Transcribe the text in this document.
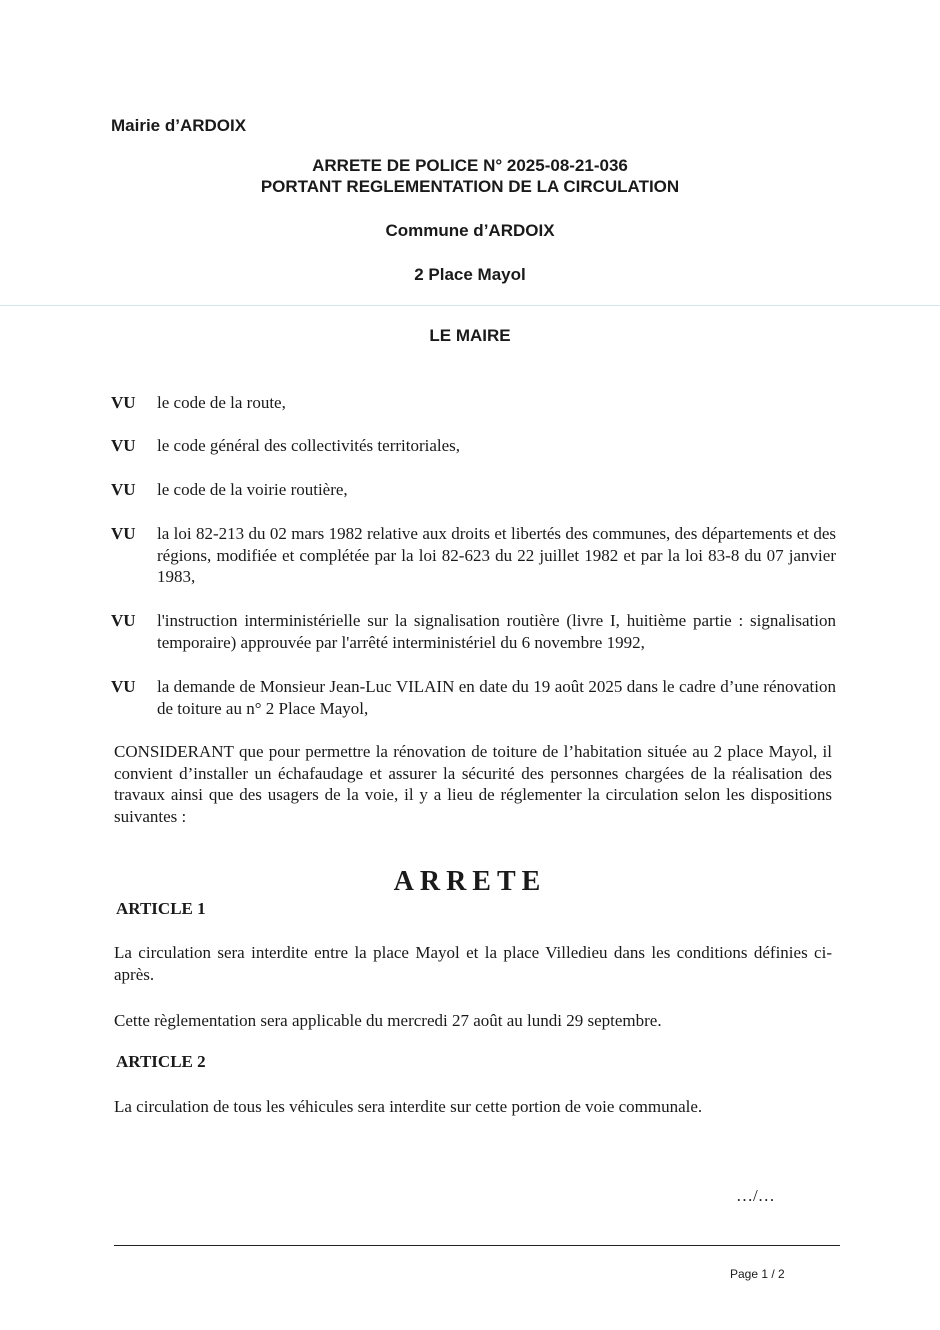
Mairie d’ARDOIX
ARRETE DE POLICE N° 2025-08-21-036
PORTANT REGLEMENTATION DE LA CIRCULATION
Commune d’ARDOIX
2 Place Mayol
LE MAIRE
VU le code de la route,
VU le code général des collectivités territoriales,
VU le code de la voirie routière,
VU la loi 82-213 du 02 mars 1982 relative aux droits et libertés des communes, des départements et des régions, modifiée et complétée par la loi 82-623 du 22 juillet 1982 et par la loi 83-8 du 07 janvier 1983,
VU l'instruction interministérielle sur la signalisation routière (livre I, huitième partie : signalisation temporaire) approuvée par l'arrêté interministériel du 6 novembre 1992,
VU la demande de Monsieur Jean-Luc VILAIN en date du 19 août 2025 dans le cadre d’une rénovation de toiture au n° 2 Place Mayol,
CONSIDERANT que pour permettre la rénovation de toiture de l’habitation située au 2 place Mayol, il convient d’installer un échafaudage et assurer la sécurité des personnes chargées de la réalisation des travaux ainsi que des usagers de la voie, il y a lieu de réglementer la circulation selon les dispositions suivantes :
ARRETE
ARTICLE 1
La circulation sera interdite entre la place Mayol et la place Villedieu dans les conditions définies ci-après.
Cette règlementation sera applicable du mercredi 27 août au lundi 29 septembre.
ARTICLE 2
La circulation de tous les véhicules sera interdite sur cette portion de voie communale.
…/…
Page 1 / 2
